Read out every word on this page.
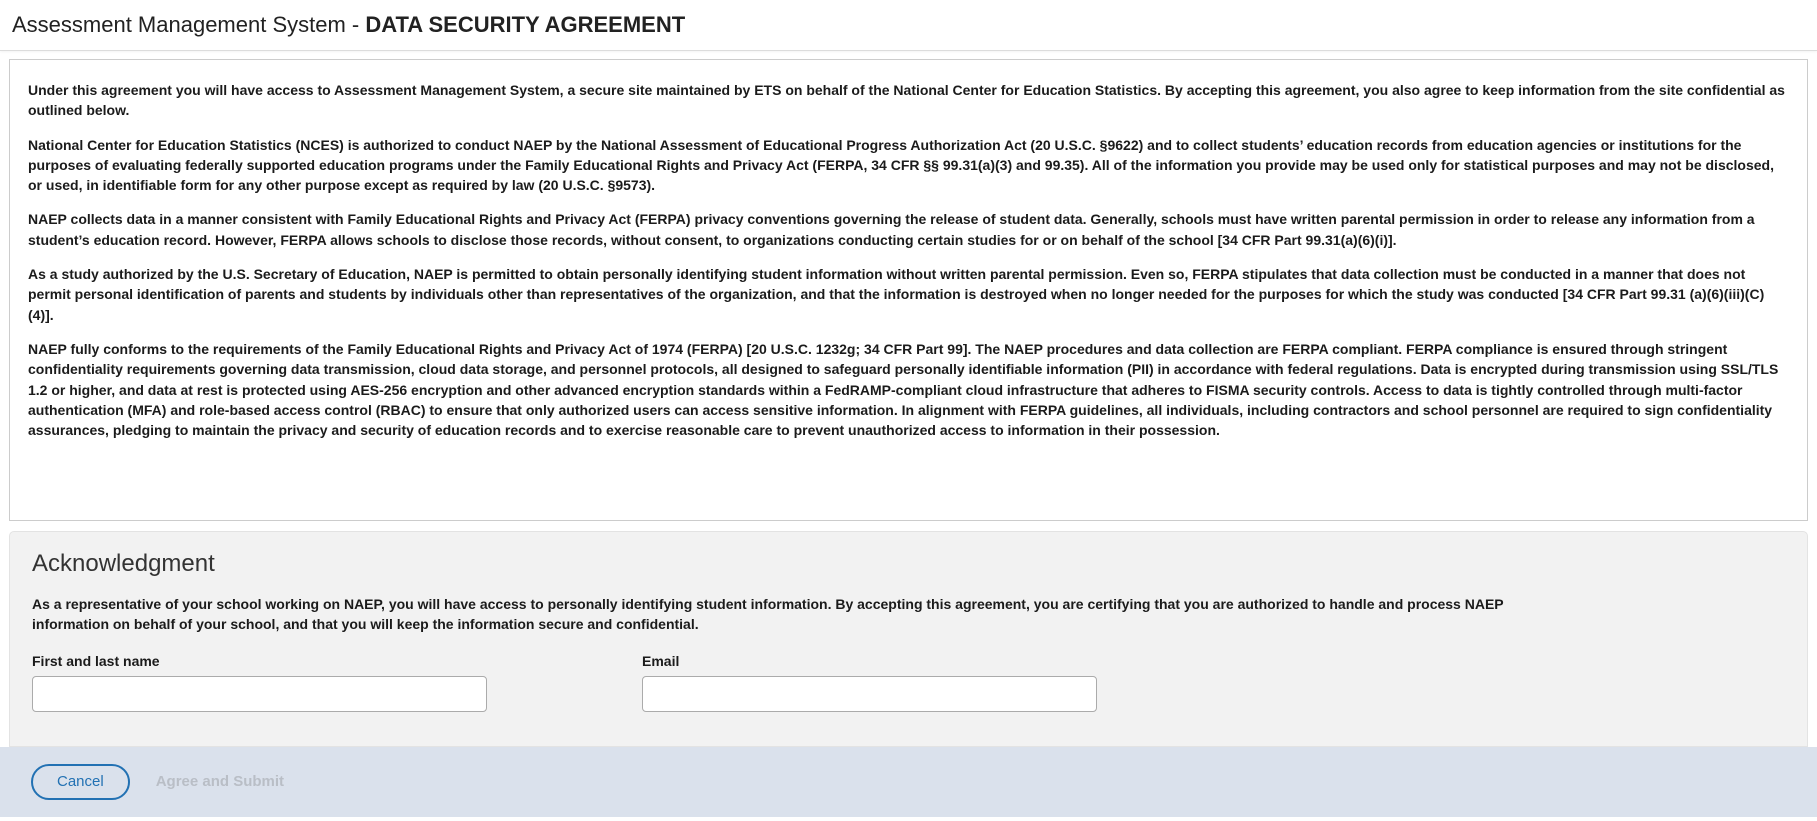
Assessment Management System - DATA SECURITY AGREEMENT

Under this agreement you will have access to Assessment Management System, a secure site maintained by ETS on behalf of the National Center for Education Statistics. By accepting this agreement, you also agree to keep information from the site confidential as outlined below.

National Center for Education Statistics (NCES) is authorized to conduct NAEP by the National Assessment of Educational Progress Authorization Act (20 U.S.C. §9622) and to collect students’ education records from education agencies or institutions for the purposes of evaluating federally supported education programs under the Family Educational Rights and Privacy Act (FERPA, 34 CFR §§ 99.31(a)(3) and 99.35). All of the information you provide may be used only for statistical purposes and may not be disclosed, or used, in identifiable form for any other purpose except as required by law (20 U.S.C. §9573).

NAEP collects data in a manner consistent with Family Educational Rights and Privacy Act (FERPA) privacy conventions governing the release of student data. Generally, schools must have written parental permission in order to release any information from a student’s education record. However, FERPA allows schools to disclose those records, without consent, to organizations conducting certain studies for or on behalf of the school [34 CFR Part 99.31(a)(6)(i)].

As a study authorized by the U.S. Secretary of Education, NAEP is permitted to obtain personally identifying student information without written parental permission. Even so, FERPA stipulates that data collection must be conducted in a manner that does not permit personal identification of parents and students by individuals other than representatives of the organization, and that the information is destroyed when no longer needed for the purposes for which the study was conducted [34 CFR Part 99.31 (a)(6)(iii)(C)(4)].

NAEP fully conforms to the requirements of the Family Educational Rights and Privacy Act of 1974 (FERPA) [20 U.S.C. 1232g; 34 CFR Part 99]. The NAEP procedures and data collection are FERPA compliant. FERPA compliance is ensured through stringent confidentiality requirements governing data transmission, cloud data storage, and personnel protocols, all designed to safeguard personally identifiable information (PII) in accordance with federal regulations. Data is encrypted during transmission using SSL/TLS 1.2 or higher, and data at rest is protected using AES-256 encryption and other advanced encryption standards within a FedRAMP-compliant cloud infrastructure that adheres to FISMA security controls. Access to data is tightly controlled through multi-factor authentication (MFA) and role-based access control (RBAC) to ensure that only authorized users can access sensitive information. In alignment with FERPA guidelines, all individuals, including contractors and school personnel are required to sign confidentiality assurances, pledging to maintain the privacy and security of education records and to exercise reasonable care to prevent unauthorized access to information in their possession.

Acknowledgment

As a representative of your school working on NAEP, you will have access to personally identifying student information. By accepting this agreement, you are certifying that you are authorized to handle and process NAEP information on behalf of your school, and that you will keep the information secure and confidential.

First and last name	Email
Cancel	Agree and Submit
